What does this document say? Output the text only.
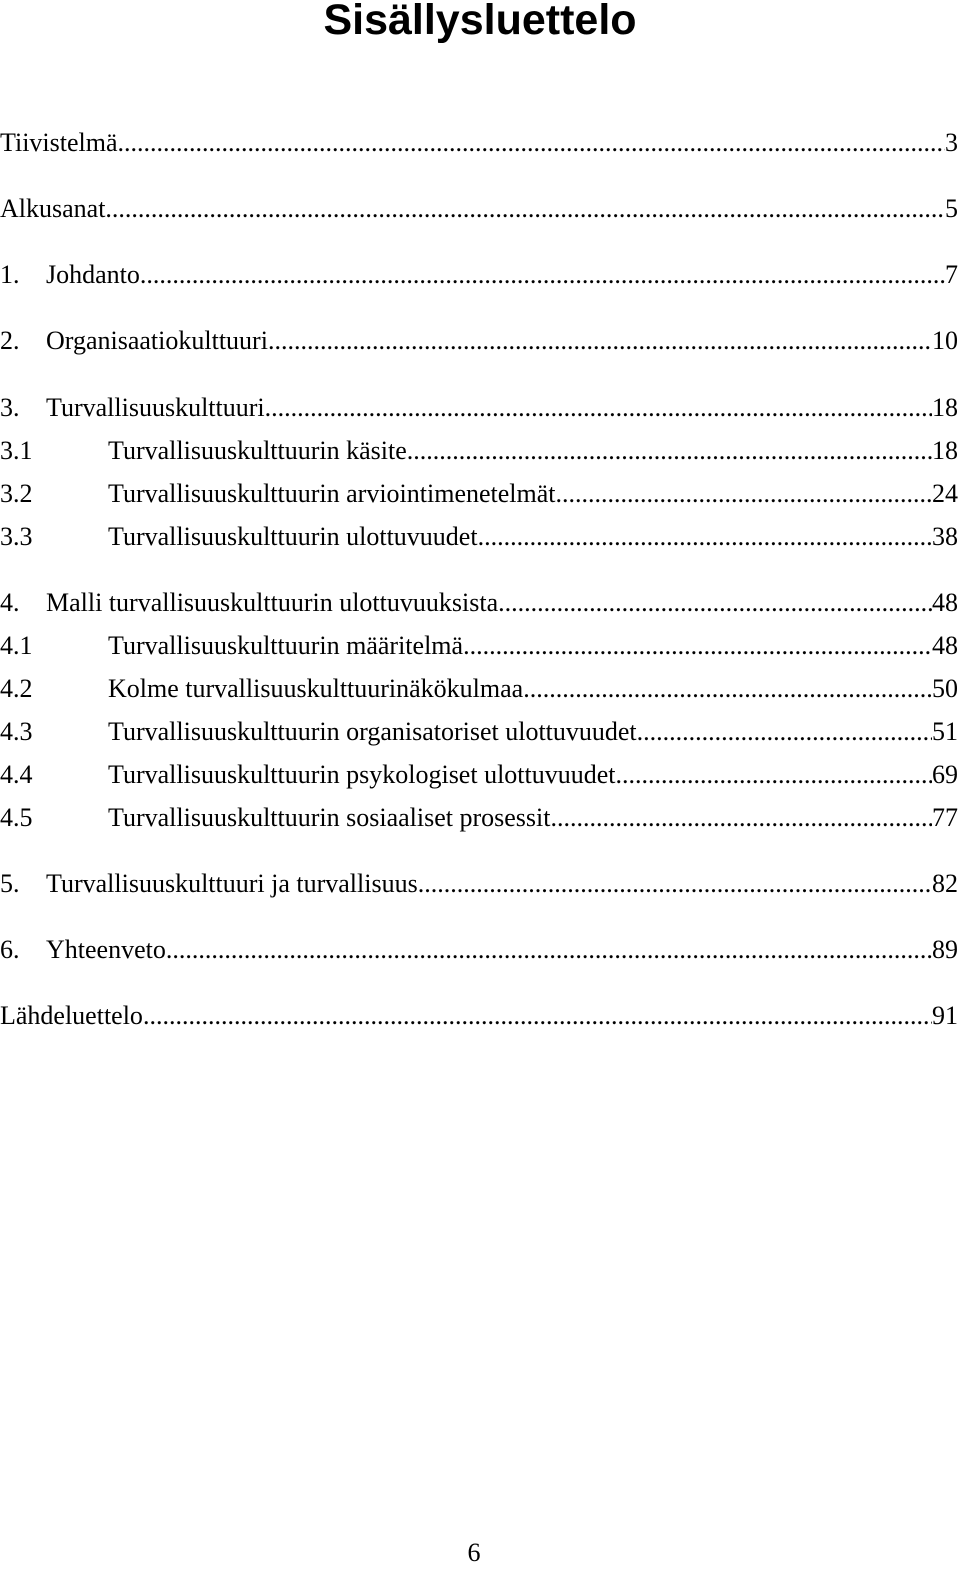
Sisällysluettelo
Tiivistelmä .....	3
Alkusanat .....	5
1.	Johdanto .....	7
2.	Organisaatiokulttuuri .....	10
3.	Turvallisuuskulttuuri .....	18
3.1	Turvallisuuskulttuurin käsite .....	18
3.2	Turvallisuuskulttuurin arviointimenetelmät .....	24
3.3	Turvallisuuskulttuurin ulottuvuudet .....	38
4.	Malli turvallisuuskulttuurin ulottuvuuksista .....	48
4.1	Turvallisuuskulttuurin määritelmä .....	48
4.2	Kolme turvallisuuskulttuurinäkökulmaa .....	50
4.3	Turvallisuuskulttuurin organisatoriset ulottuvuudet .....	51
4.4	Turvallisuuskulttuurin psykologiset ulottuvuudet .....	69
4.5	Turvallisuuskulttuurin sosiaaliset prosessit .....	77
5.	Turvallisuuskulttuuri ja turvallisuus .....	82
6.	Yhteenveto .....	89
Lähdeluettelo .....	91
6
